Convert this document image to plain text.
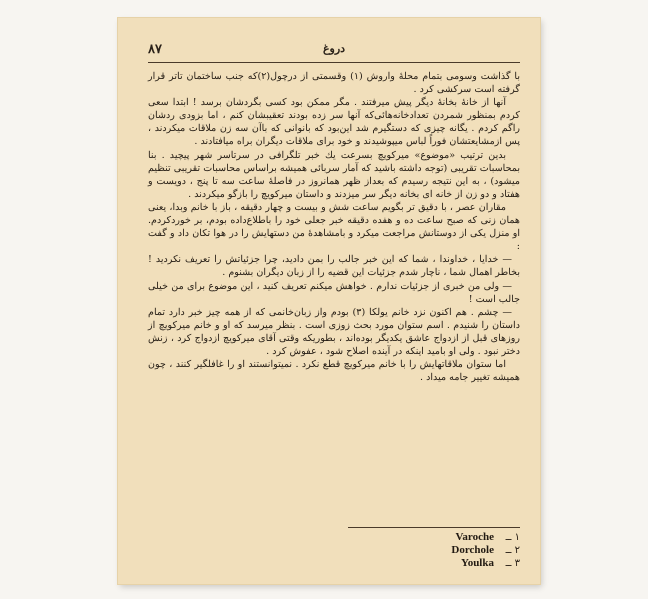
۸۷	دروغ

با گذاشت وسومی بتمام محلهٔ واروش (۱) وقسمتی از درچول(۲)که جنب ساختمان تاتر قرار گرفته است سرکشی کرد .

آنها از خانهٔ بخانهٔ دیگر پیش میرفتند . مگر ممکن بود کسی بگردشان برسد ! ابتدا سعی کردم بمنظور شمردن تعدادخانه‌هائی‌که آنها سر زده بودند تعقیبشان کنم ، اما بزودی ردشان راگم کردم . یگانه چیزی که دستگیرم شد این‌بود که بانوانی که‌ باآن‌ سه زن ملاقات میکردند ، پس ازمشایعتشان فوراً لباس میپوشیدند و خود برای ملاقات دیگران براه میافتادند .

بدین ترتیب «موضوع» میرکویچ بسرعت یك خبر تلگرافی در سرتاسر شهر پیچید . بنا بمحاسبات تقریبی (توجه داشته باشید که آمار سربائی همیشه براساس محاسبات تقریبی تنظیم میشود) ، به این نتیجه رسیدم که بعداز ظهر همانروز در فاصلهٔ ساعت سه تا پنج ، دویست و هفتاد و دو زن از خانه ای بخانه دیگر سر میزدند و داستان میرکویچ را بازگو میکردند .

مقاران عصر ، با دقیق تر بگویم ساعت شش و بیست و چهار دقیقه ، باز با خانم وبدا، یعنی همان زنی که صبح ساعت ده و هفده دقیقه خبر جعلی خود را باطلاع‌داده بودم، بر خوردکردم. او منزل یکی از دوستانش مراجعت میکرد و بامشاهدهٔ من دستهایش را در هوا تکان داد و گفت :

— خدایا ، خداوندا ، شما که این خبر جالب را بمن دادید، چرا جزئیاتش را تعریف نکردید ! بخاطر اهمال شما ، ناچار شدم جزئیات این قضیه را از زبان دیگران بشنوم .

— ولی من خبری از جزئیات ندارم . خواهش میکنم تعریف کنید ، این موضوع برای من خیلی جالب است !

— چشم . هم اکنون نزد خانم یولکا (۳) بودم واز زبان‌خانمی که از همه چیز خبر دارد تمام داستان را شنیدم . اسم ستوان مورد بحث زوزی است . بنظر میرسد که او و خانم میرکویچ از روزهای قبل از ازدواج عاشق یکدیگر بوده‌اند ، بطوریکه وقتی آقای میرکویچ ازدواج کرد ، زنش دختر نبود . ولی او بامید اینکه در آینده اصلاح شود ، عفوش کرد .

اما ستوان ملاقاتهایش را با خانم میرکویچ قطع نکرد . نمیتوانستند او را غافلگیر کنند ، چون همیشه تغییر جامه میداد .

۱ ــ
Varoche
۲ ــ
Dorchole
۳ ــ
Youlka
